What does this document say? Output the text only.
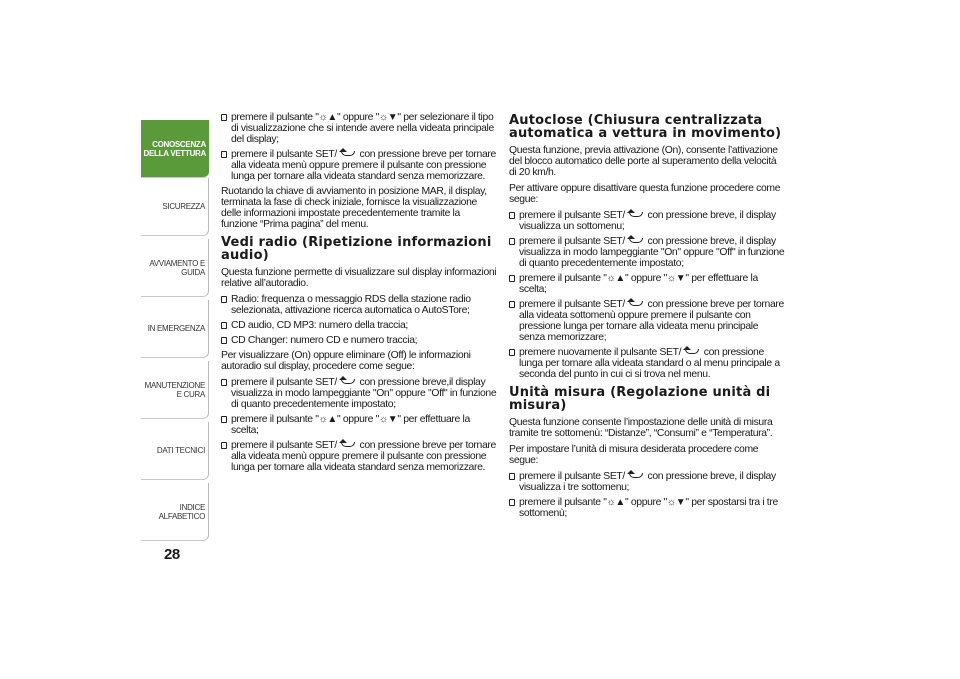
CONOSCENZA DELLA VETTURA
SICUREZZA
AVVIAMENTO E GUIDA
IN EMERGENZA
MANUTENZIONE E CURA
DATI TECNICI
INDICE ALFABETICO
28
premere il pulsante "☼▲" oppure "☼▼" per selezionare il tipo di visualizzazione che si intende avere nella videata principale del display;
premere il pulsante SET/ con pressione breve per tornare alla videata menù oppure premere il pulsante con pressione lunga per tornare alla videata standard senza memorizzare.

Ruotando la chiave di avviamento in posizione MAR, il display, terminata la fase di check iniziale, fornisce la visualizzazione delle informazioni impostate precedentemente tramite la funzione “Prima pagina” del menu.

Vedi radio (Ripetizione informazioni audio)

Questa funzione permette di visualizzare sul display informazioni relative all’autoradio.

Radio: frequenza o messaggio RDS della stazione radio selezionata, attivazione ricerca automatica o AutoSTore;
CD audio, CD MP3: numero della traccia;
CD Changer: numero CD e numero traccia;

Per visualizzare (On) oppure eliminare (Off) le informazioni autoradio sul display, procedere come segue:

premere il pulsante SET/ con pressione breve,il display visualizza in modo lampeggiante "On" oppure "Off" in funzione di quanto precedentemente impostato;
premere il pulsante "☼▲" oppure "☼▼" per effettuare la scelta;
premere il pulsante SET/ con pressione breve per tornare alla videata menù oppure premere il pulsante con pressione lunga per tornare alla videata standard senza memorizzare.
Autoclose (Chiusura centralizzata automatica a vettura in movimento)

Questa funzione, previa attivazione (On), consente l’attivazione del blocco automatico delle porte al superamento della velocità di 20 km/h.

Per attivare oppure disattivare questa funzione procedere come segue:

premere il pulsante SET/ con pressione breve, il display visualizza un sottomenu;
premere il pulsante SET/ con pressione breve, il display visualizza in modo lampeggiante "On" oppure "Off" in funzione di quanto precedentemente impostato;
premere il pulsante "☼▲" oppure "☼▼" per effettuare la scelta;
premere il pulsante SET/ con pressione breve per tornare alla videata sottomenù oppure premere il pulsante con pressione lunga per tornare alla videata menu principale senza memorizzare;
premere nuovamente il pulsante SET/ con pressione lunga per tornare alla videata standard o al menu principale a seconda del punto in cui ci si trova nel menu.
Unità misura (Regolazione unità di misura)

Questa funzione consente l’impostazione delle unità di misura tramite tre sottomenù: “Distanze”, “Consumi” e “Temperatura”.

Per impostare l’unità di misura desiderata procedere come segue:

premere il pulsante SET/ con pressione breve, il display visualizza i tre sottomenu;
premere il pulsante "☼▲" oppure "☼▼" per spostarsi tra i tre sottomenù;
